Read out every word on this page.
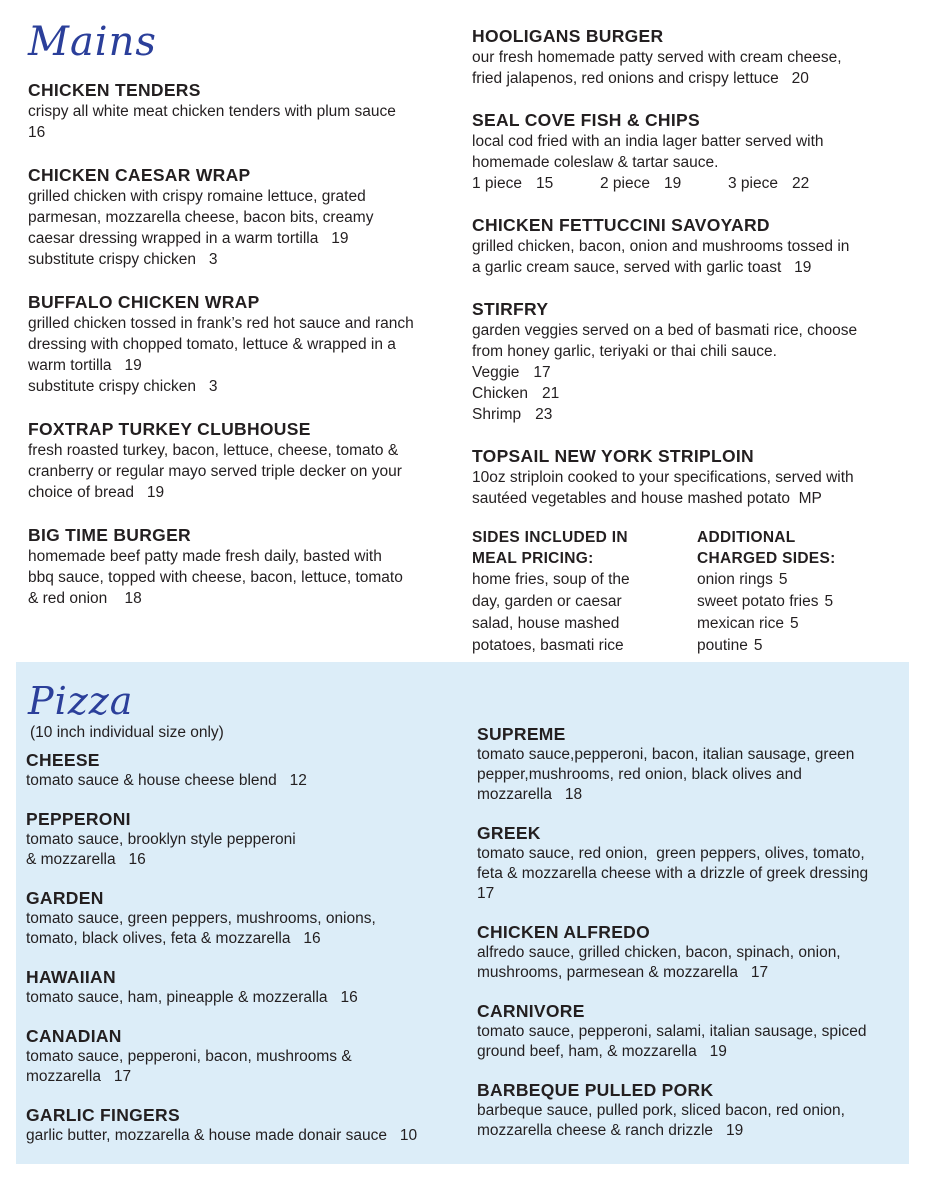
Mains
CHICKEN TENDERS
crispy all white meat chicken tenders with plum sauce
16
CHICKEN CAESAR WRAP
grilled chicken with crispy romaine lettuce, grated
parmesan, mozzarella cheese, bacon bits, creamy
caesar dressing wrapped in a warm tortilla   19
substitute crispy chicken   3
BUFFALO CHICKEN WRAP
grilled chicken tossed in frank’s red hot sauce and ranch
dressing with chopped tomato, lettuce & wrapped in a
warm tortilla   19
substitute crispy chicken   3
FOXTRAP TURKEY CLUBHOUSE
fresh roasted turkey, bacon, lettuce, cheese, tomato &
cranberry or regular mayo served triple decker on your
choice of bread   19
BIG TIME BURGER
homemade beef patty made fresh daily, basted with
bbq sauce, topped with cheese, bacon, lettuce, tomato
& red onion    18
HOOLIGANS BURGER
our fresh homemade patty served with cream cheese,
fried jalapenos, red onions and crispy lettuce   20
SEAL COVE FISH & CHIPS
local cod fried with an india lager batter served with
homemade coleslaw & tartar sauce.
1 piece 15	2 piece 19	3 piece 22
CHICKEN FETTUCCINI SAVOYARD
grilled chicken, bacon, onion and mushrooms tossed in
a garlic cream sauce, served with garlic toast   19
STIRFRY
garden veggies served on a bed of basmati rice, choose
from honey garlic, teriyaki or thai chili sauce.
Veggie 17
Chicken 21
Shrimp 23
TOPSAIL NEW YORK STRIPLOIN
10oz striploin cooked to your specifications, served with
sautéed vegetables and house mashed potato  MP
SIDES INCLUDED IN
MEAL PRICING:
home fries, soup of the
day, garden or caesar
salad, house mashed
potatoes, basmati rice
ADDITIONAL
CHARGED SIDES:
onion rings 5
sweet potato fries 5
mexican rice 5
poutine 5
Pizza
(10 inch individual size only)
CHEESE
tomato sauce & house cheese blend   12
PEPPERONI
tomato sauce, brooklyn style pepperoni
& mozzarella   16
GARDEN
tomato sauce, green peppers, mushrooms, onions,
tomato, black olives, feta & mozzarella   16
HAWAIIAN
tomato sauce, ham, pineapple & mozzeralla   16
CANADIAN
tomato sauce, pepperoni, bacon, mushrooms &
mozzarella   17
GARLIC FINGERS
garlic butter, mozzarella & house made donair sauce   10
SUPREME
tomato sauce,pepperoni, bacon, italian sausage, green
pepper,mushrooms, red onion, black olives and
mozzarella   18
GREEK
tomato sauce, red onion,  green peppers, olives, tomato,
feta & mozzarella cheese with a drizzle of greek dressing
17
CHICKEN ALFREDO
alfredo sauce, grilled chicken, bacon, spinach, onion,
mushrooms, parmesean & mozzarella   17
CARNIVORE
tomato sauce, pepperoni, salami, italian sausage, spiced
ground beef, ham, & mozzarella   19
BARBEQUE PULLED PORK
barbeque sauce, pulled pork, sliced bacon, red onion,
mozzarella cheese & ranch drizzle   19
